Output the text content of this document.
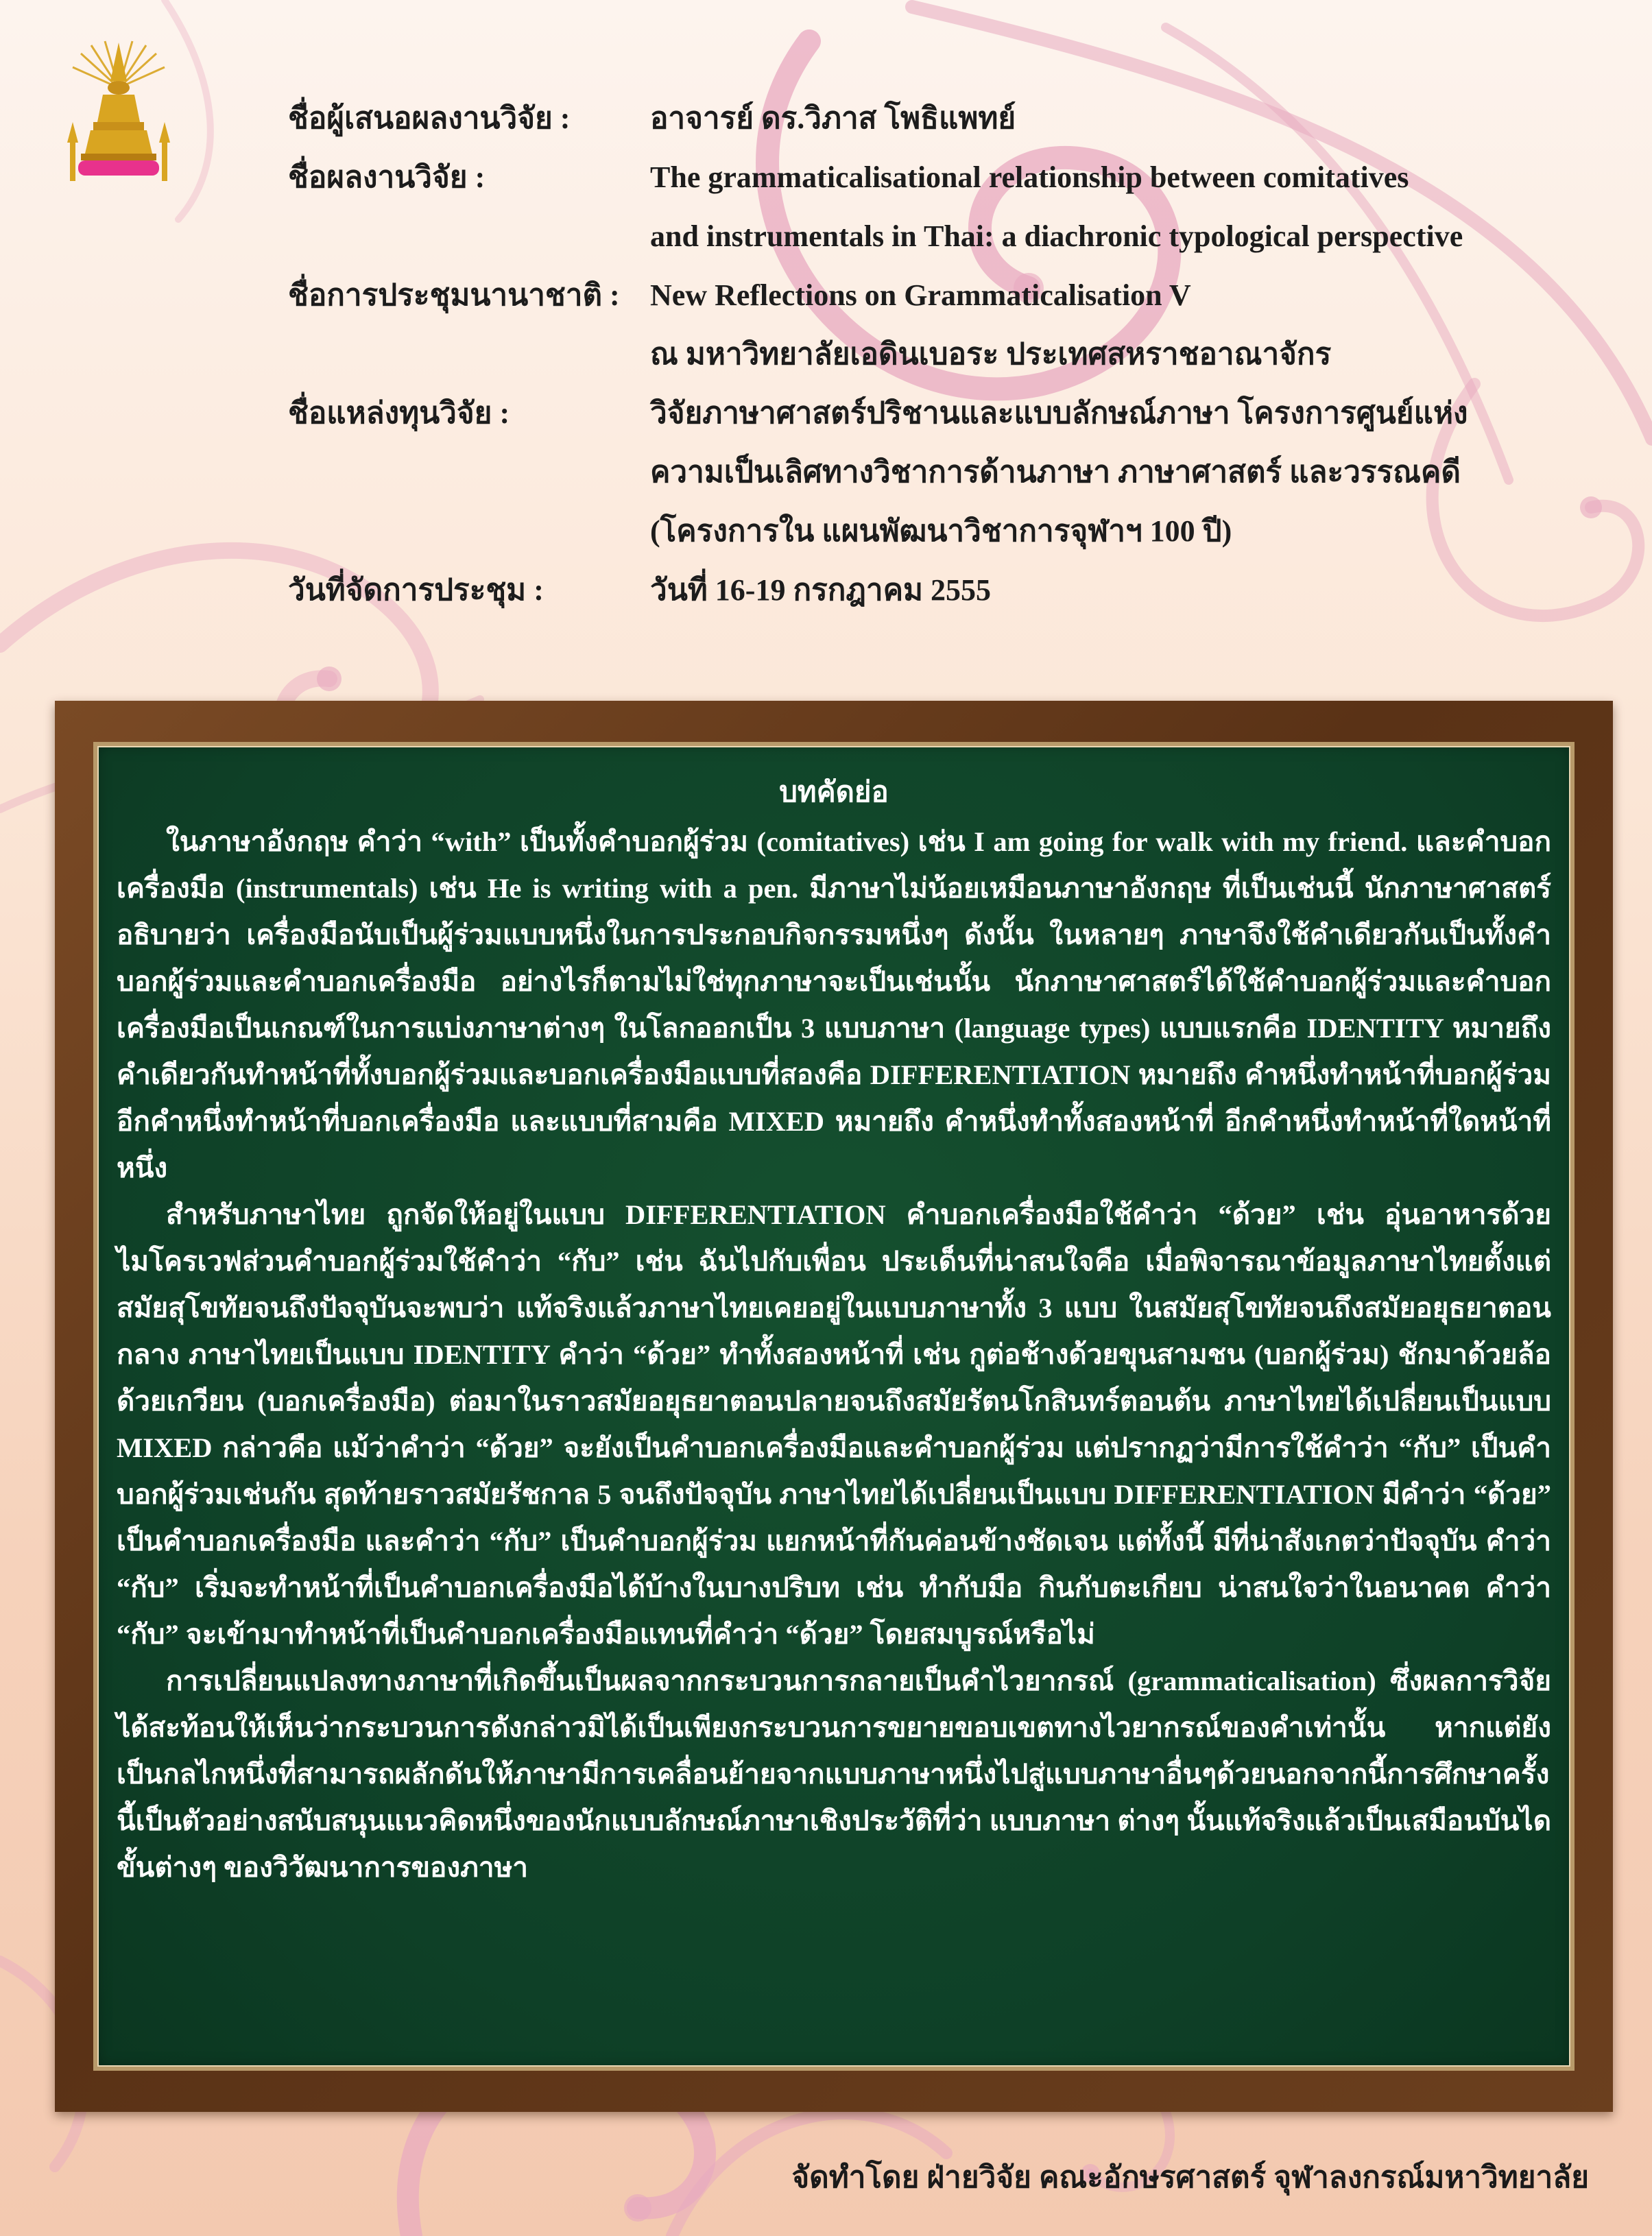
ชื่อผู้เสนอผลงานวิจัย :	อาจารย์ ดร.วิภาส โพธิแพทย์
ชื่อผลงานวิจัย :	The grammaticalisational relationship between comitatives
and instrumentals in Thai: a diachronic typological perspective
ชื่อการประชุมนานาชาติ :	New Reflections on Grammaticalisation V
ณ มหาวิทยาลัยเอดินเบอระ ประเทศสหราชอาณาจักร
ชื่อแหล่งทุนวิจัย :	วิจัยภาษาศาสตร์ปริชานและแบบลักษณ์ภาษา โครงการศูนย์แห่ง
ความเป็นเลิศทางวิชาการด้านภาษา ภาษาศาสตร์ และวรรณคดี
(โครงการใน แผนพัฒนาวิชาการจุฬาฯ 100 ปี)
วันที่จัดการประชุม :	วันที่ 16-19 กรกฎาคม 2555
บทคัดย่อ

ในภาษาอังกฤษ คำว่า “with” เป็นทั้งคำบอกผู้ร่วม (comitatives) เช่น I am going for walk with my friend. และคำบอกเครื่องมือ (instrumentals) เช่น He is writing with a pen. มีภาษาไม่น้อยเหมือนภาษาอังกฤษ ที่เป็นเช่นนี้ นักภาษาศาสตร์อธิบายว่า เครื่องมือนับเป็นผู้ร่วมแบบหนึ่งในการประกอบกิจกรรมหนึ่งๆ ดังนั้น ในหลายๆ ภาษาจึงใช้คำเดียวกันเป็นทั้งคำบอกผู้ร่วมและคำบอกเครื่องมือ อย่างไรก็ตามไม่ใช่ทุกภาษาจะเป็นเช่นนั้น นักภาษาศาสตร์ได้ใช้คำบอกผู้ร่วมและคำบอกเครื่องมือเป็นเกณฑ์ในการแบ่งภาษาต่างๆ ในโลกออกเป็น 3 แบบภาษา (language types) แบบแรกคือ IDENTITY หมายถึงคำเดียวกันทำหน้าที่ทั้งบอกผู้ร่วมและบอกเครื่องมือแบบที่สองคือ DIFFERENTIATION หมายถึง คำหนึ่งทำหน้าที่บอกผู้ร่วม อีกคำหนึ่งทำหน้าที่บอกเครื่องมือ และแบบที่สามคือ MIXED หมายถึง คำหนึ่งทำทั้งสองหน้าที่ อีกคำหนึ่งทำหน้าที่ใดหน้าที่หนึ่ง

สำหรับภาษาไทย ถูกจัดให้อยู่ในแบบ DIFFERENTIATION คำบอกเครื่องมือใช้คำว่า “ด้วย” เช่น อุ่นอาหารด้วยไมโครเวฟส่วนคำบอกผู้ร่วมใช้คำว่า “กับ” เช่น ฉันไปกับเพื่อน ประเด็นที่น่าสนใจคือ เมื่อพิจารณาข้อมูลภาษาไทยตั้งแต่สมัยสุโขทัยจนถึงปัจจุบันจะพบว่า แท้จริงแล้วภาษาไทยเคยอยู่ในแบบภาษาทั้ง 3 แบบ ในสมัยสุโขทัยจนถึงสมัยอยุธยาตอนกลาง ภาษาไทยเป็นแบบ IDENTITY คำว่า “ด้วย” ทำทั้งสองหน้าที่ เช่น กูต่อช้างด้วยขุนสามชน (บอกผู้ร่วม) ชักมาด้วยล้อด้วยเกวียน (บอกเครื่องมือ) ต่อมาในราวสมัยอยุธยาตอนปลายจนถึงสมัยรัตนโกสินทร์ตอนต้น ภาษาไทยได้เปลี่ยนเป็นแบบ MIXED กล่าวคือ แม้ว่าคำว่า “ด้วย” จะยังเป็นคำบอกเครื่องมือและคำบอกผู้ร่วม แต่ปรากฏว่ามีการใช้คำว่า “กับ” เป็นคำบอกผู้ร่วมเช่นกัน สุดท้ายราวสมัยรัชกาล 5 จนถึงปัจจุบัน ภาษาไทยได้เปลี่ยนเป็นแบบ DIFFERENTIATION มีคำว่า “ด้วย” เป็นคำบอกเครื่องมือ และคำว่า “กับ” เป็นคำบอกผู้ร่วม แยกหน้าที่กันค่อนข้างชัดเจน แต่ทั้งนี้ มีที่น่าสังเกตว่าปัจจุบัน คำว่า “กับ” เริ่มจะทำหน้าที่เป็นคำบอกเครื่องมือได้บ้างในบางปริบท เช่น ทำกับมือ กินกับตะเกียบ น่าสนใจว่าในอนาคต คำว่า “กับ” จะเข้ามาทำหน้าที่เป็นคำบอกเครื่องมือแทนที่คำว่า “ด้วย” โดยสมบูรณ์หรือไม่

การเปลี่ยนแปลงทางภาษาที่เกิดขึ้นเป็นผลจากกระบวนการกลายเป็นคำไวยากรณ์ (grammaticalisation) ซึ่งผลการวิจัยได้สะท้อนให้เห็นว่ากระบวนการดังกล่าวมิได้เป็นเพียงกระบวนการขยายขอบเขตทางไวยากรณ์ของคำเท่านั้น หากแต่ยังเป็นกลไกหนึ่งที่สามารถผลักดันให้ภาษามีการเคลื่อนย้ายจากแบบภาษาหนึ่งไปสู่แบบภาษาอื่นๆด้วยนอกจากนี้การศึกษาครั้งนี้เป็นตัวอย่างสนับสนุนแนวคิดหนึ่งของนักแบบลักษณ์ภาษาเชิงประวัติที่ว่า แบบภาษา ต่างๆ นั้นแท้จริงแล้วเป็นเสมือนบันไดขั้นต่างๆ ของวิวัฒนาการของภาษา

จัดทำโดย ฝ่ายวิจัย คณะอักษรศาสตร์ จุฬาลงกรณ์มหาวิทยาลัย
